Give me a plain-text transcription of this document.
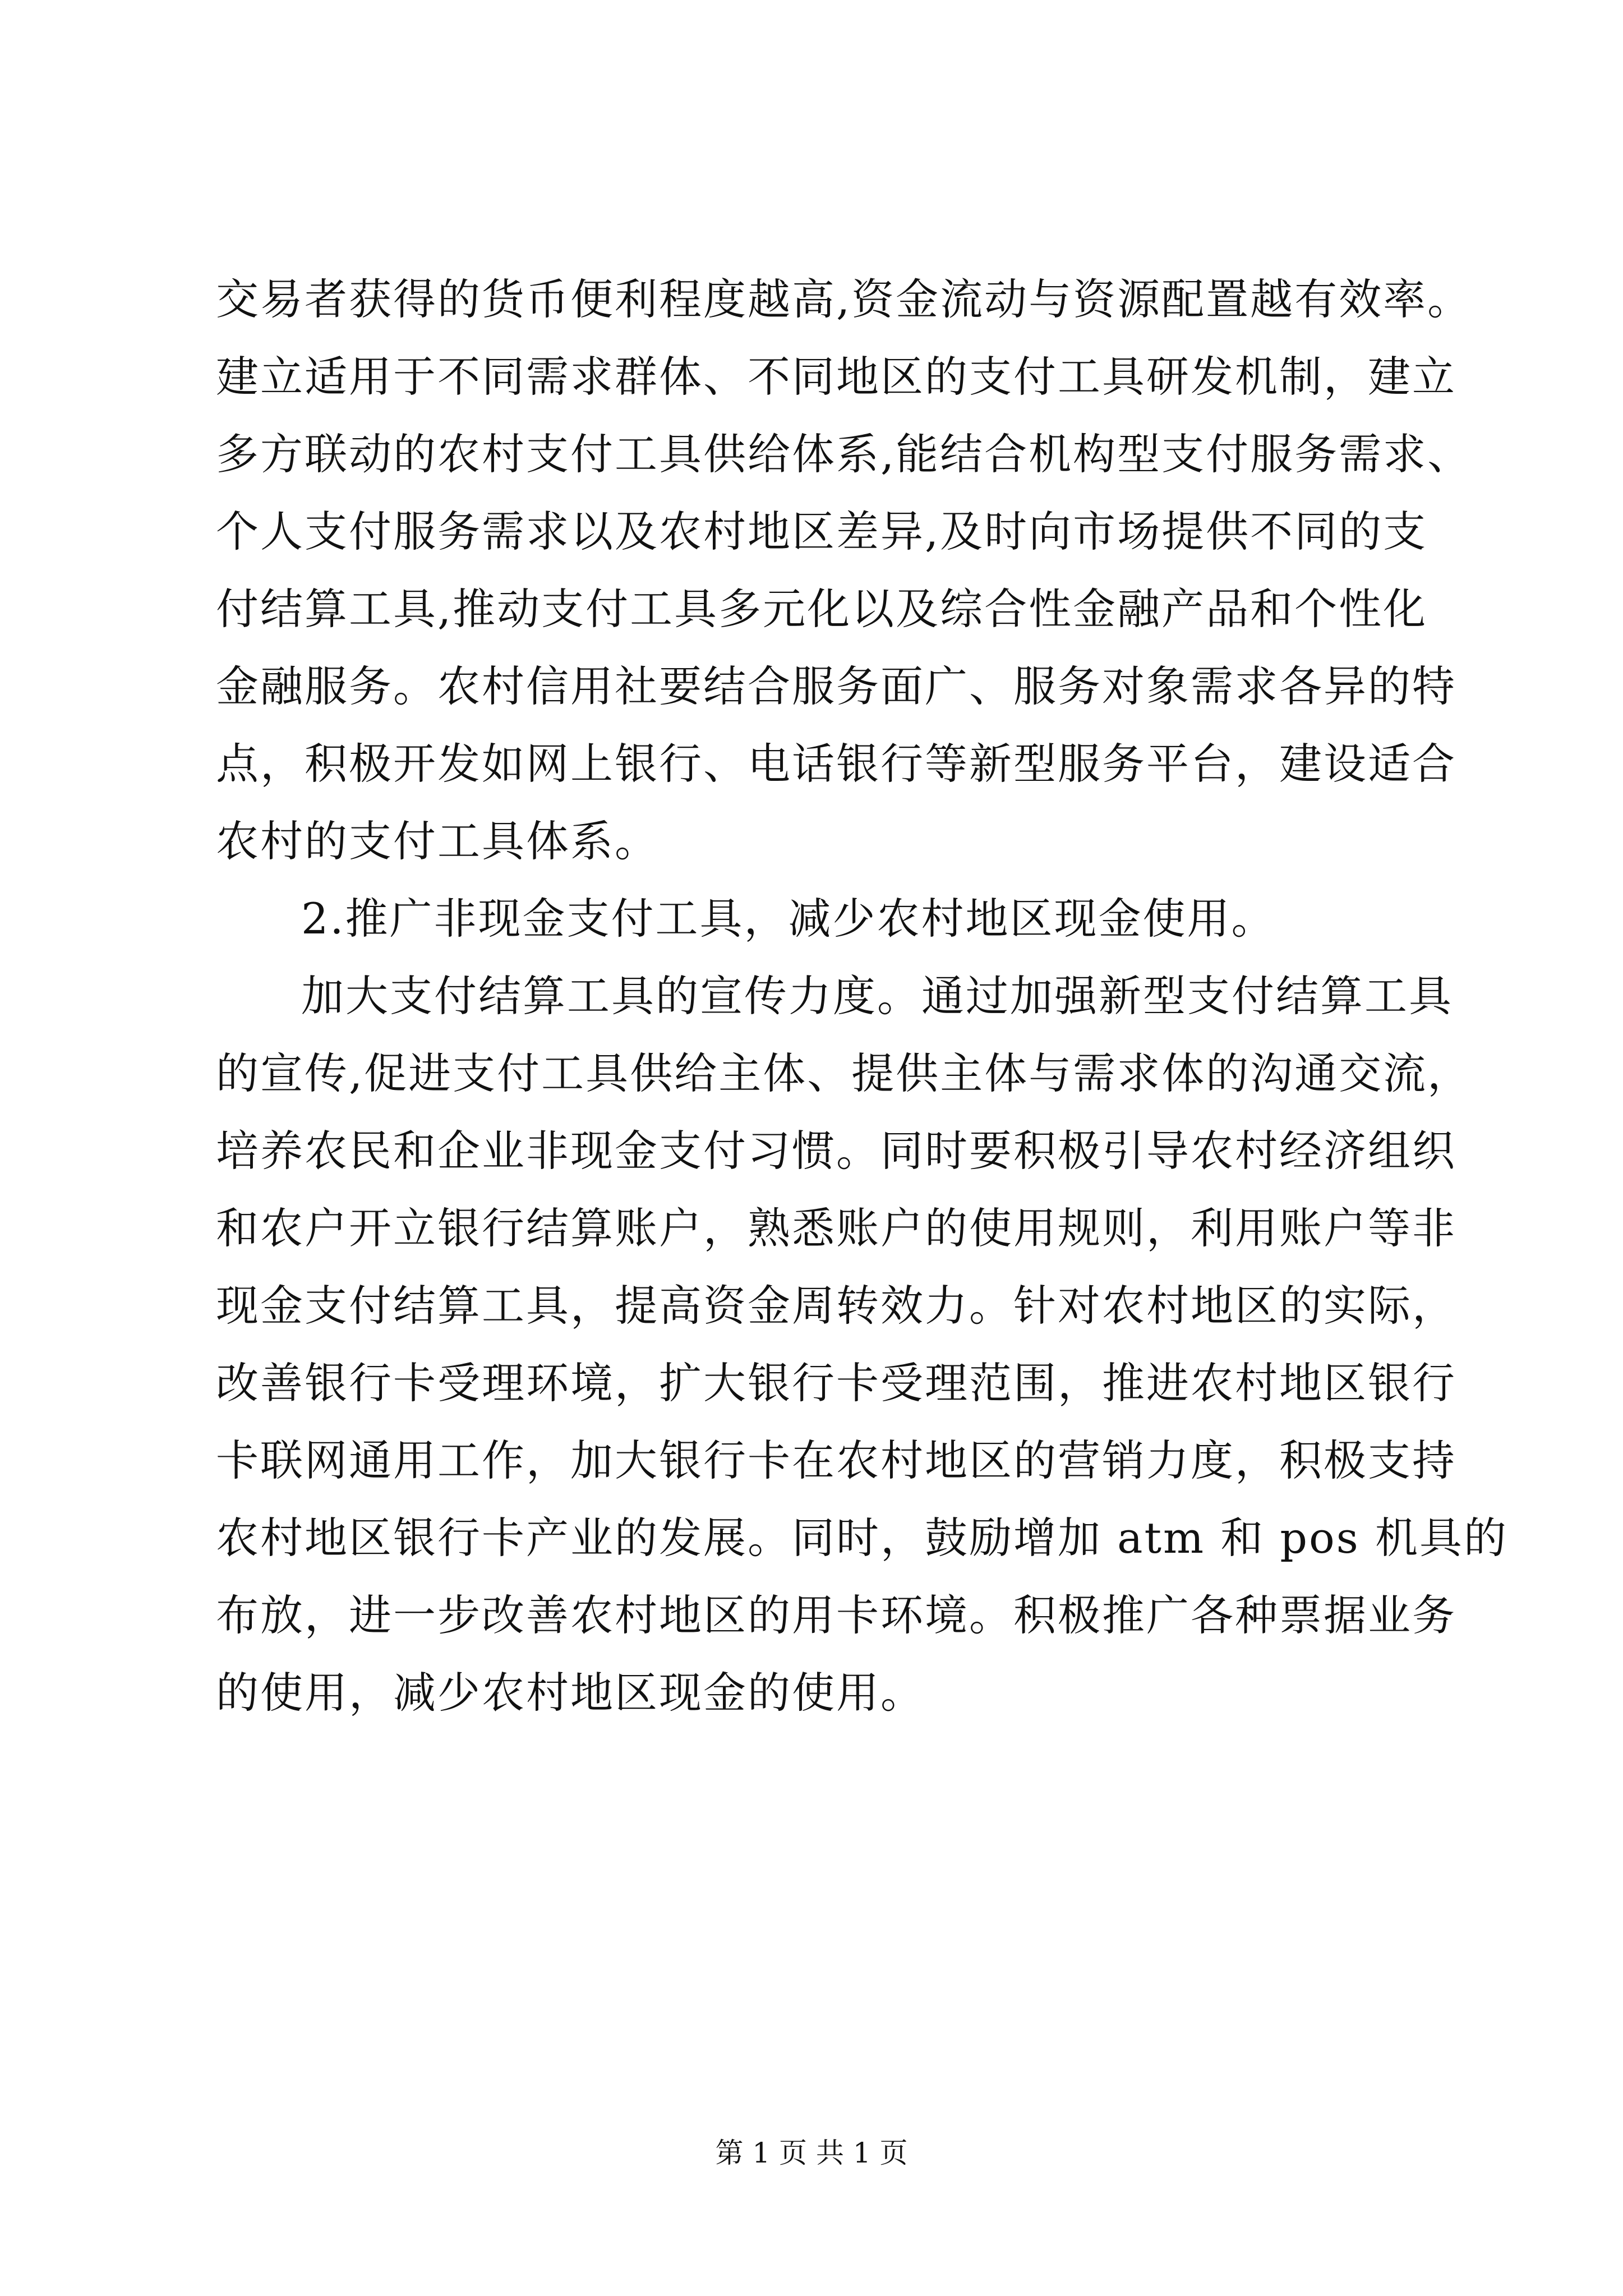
交易者获得的货币便利程度越高,资金流动与资源配置越有效率。
建立适用于不同需求群体、不同地区的支付工具研发机制，建立
多方联动的农村支付工具供给体系,能结合机构型支付服务需求、
个人支付服务需求以及农村地区差异,及时向市场提供不同的支
付结算工具,推动支付工具多元化以及综合性金融产品和个性化
金融服务。农村信用社要结合服务面广、服务对象需求各异的特
点，积极开发如网上银行、电话银行等新型服务平台，建设适合
农村的支付工具体系。
2.推广非现金支付工具，减少农村地区现金使用。
加大支付结算工具的宣传力度。通过加强新型支付结算工具
的宣传,促进支付工具供给主体、提供主体与需求体的沟通交流，
培养农民和企业非现金支付习惯。同时要积极引导农村经济组织
和农户开立银行结算账户，熟悉账户的使用规则，利用账户等非
现金支付结算工具，提高资金周转效力。针对农村地区的实际，
改善银行卡受理环境，扩大银行卡受理范围，推进农村地区银行
卡联网通用工作，加大银行卡在农村地区的营销力度，积极支持
农村地区银行卡产业的发展。同时，鼓励增加 atm 和 pos 机具的
布放，进一步改善农村地区的用卡环境。积极推广各种票据业务
的使用，减少农村地区现金的使用。
第 1 页 共 1 页
